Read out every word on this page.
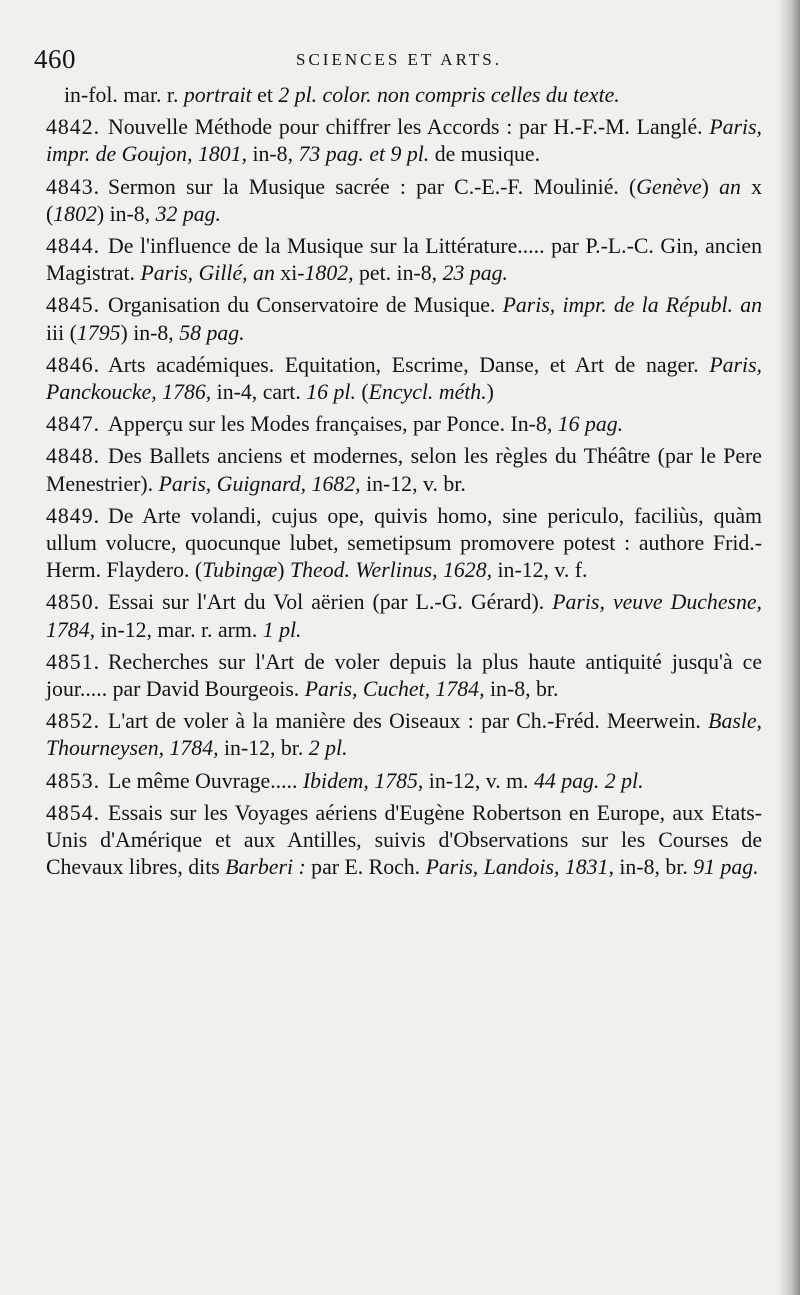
460	SCIENCES ET ARTS.
in-fol. mar. r. portrait et 2 pl. color. non compris celles du texte.
4842. Nouvelle Méthode pour chiffrer les Accords : par H.-F.-M. Langlé. Paris, impr. de Goujon, 1801, in-8, 73 pag. et 9 pl. de musique.
4843. Sermon sur la Musique sacrée : par C.-E.-F. Moulinié. (Genève) an x (1802) in-8, 32 pag.
4844. De l'influence de la Musique sur la Littérature..... par P.-L.-C. Gin, ancien Magistrat. Paris, Gillé, an xi-1802, pet. in-8, 23 pag.
4845. Organisation du Conservatoire de Musique. Paris, impr. de la Républ. an iii (1795) in-8, 58 pag.
4846. Arts académiques. Equitation, Escrime, Danse, et Art de nager. Paris, Panckoucke, 1786, in-4, cart. 16 pl. (Encycl. méth.)
4847. Apperçu sur les Modes françaises, par Ponce. In-8, 16 pag.
4848. Des Ballets anciens et modernes, selon les règles du Théâtre (par le Pere Menestrier). Paris, Guignard, 1682, in-12, v. br.
4849. De Arte volandi, cujus ope, quivis homo, sine periculo, faciliùs, quàm ullum volucre, quocunque lubet, semetipsum promovere potest : authore Frid.-Herm. Flaydero. (Tubingæ) Theod. Werlinus, 1628, in-12, v. f.
4850. Essai sur l'Art du Vol aërien (par L.-G. Gérard). Paris, veuve Duchesne, 1784, in-12, mar. r. arm. 1 pl.
4851. Recherches sur l'Art de voler depuis la plus haute antiquité jusqu'à ce jour..... par David Bourgeois. Paris, Cuchet, 1784, in-8, br.
4852. L'art de voler à la manière des Oiseaux : par Ch.-Fréd. Meerwein. Basle, Thourneysen, 1784, in-12, br. 2 pl.
4853. Le même Ouvrage..... Ibidem, 1785, in-12, v. m. 44 pag. 2 pl.
4854. Essais sur les Voyages aériens d'Eugène Robertson en Europe, aux Etats-Unis d'Amérique et aux Antilles, suivis d'Observations sur les Courses de Chevaux libres, dits Barberi : par E. Roch. Paris, Landois, 1831, in-8, br. 91 pag.
